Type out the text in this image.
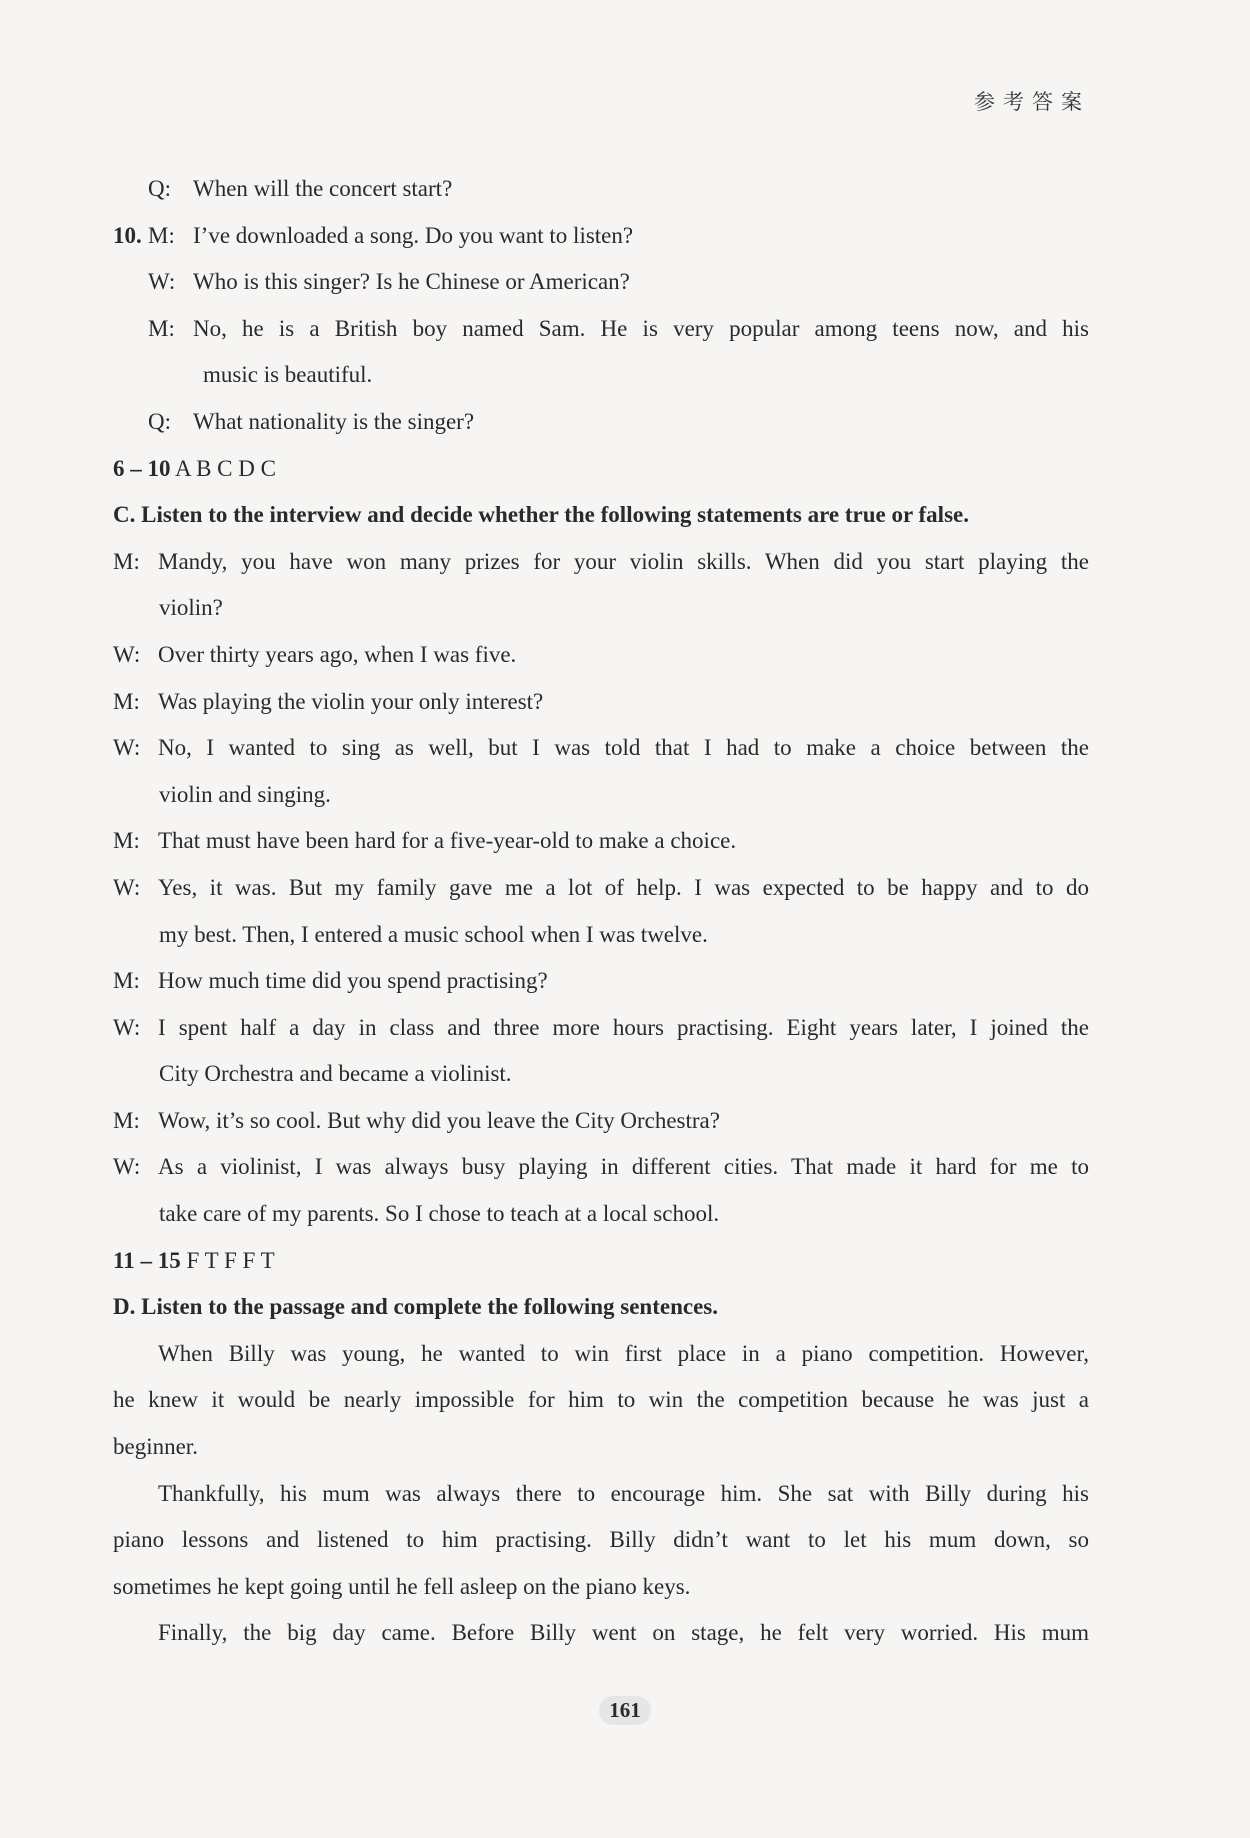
参考答案
Q: When will the concert start?
10. M: I’ve downloaded a song. Do you want to listen?
W: Who is this singer? Is he Chinese or American?
M: No, he is a British boy named Sam. He is very popular among teens now, and his
music is beautiful.
Q: What nationality is the singer?
6 – 10 A B C D C
C. Listen to the interview and decide whether the following statements are true or false.
M: Mandy, you have won many prizes for your violin skills. When did you start playing the
violin?
W: Over thirty years ago, when I was five.
M: Was playing the violin your only interest?
W: No, I wanted to sing as well, but I was told that I had to make a choice between the
violin and singing.
M: That must have been hard for a five-year-old to make a choice.
W: Yes, it was. But my family gave me a lot of help. I was expected to be happy and to do
my best. Then, I entered a music school when I was twelve.
M: How much time did you spend practising?
W: I spent half a day in class and three more hours practising. Eight years later, I joined the
City Orchestra and became a violinist.
M: Wow, it’s so cool. But why did you leave the City Orchestra?
W: As a violinist, I was always busy playing in different cities. That made it hard for me to
take care of my parents. So I chose to teach at a local school.
11 – 15 F T F F T
D. Listen to the passage and complete the following sentences.
When Billy was young, he wanted to win first place in a piano competition. However,
he knew it would be nearly impossible for him to win the competition because he was just a
beginner.
Thankfully, his mum was always there to encourage him. She sat with Billy during his
piano lessons and listened to him practising. Billy didn’t want to let his mum down, so
sometimes he kept going until he fell asleep on the piano keys.
Finally, the big day came. Before Billy went on stage, he felt very worried. His mum
161
